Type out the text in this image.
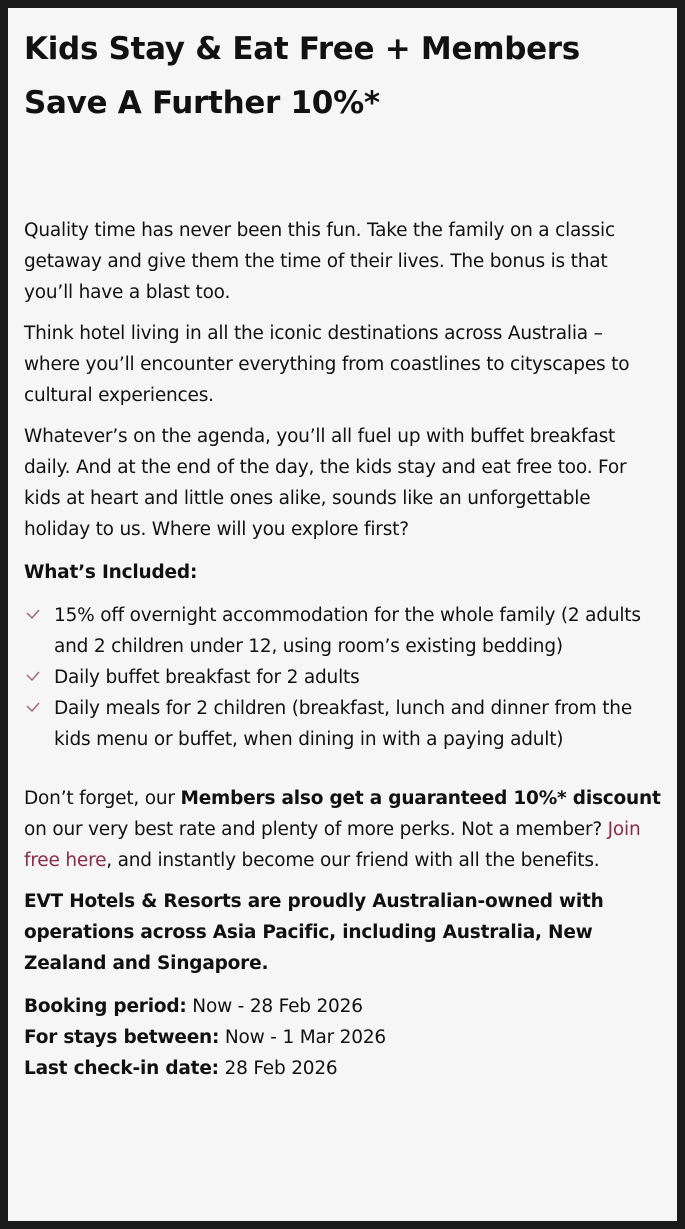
Kids Stay & Eat Free + Members Save A Further 10%*

Quality time has never been this fun. Take the family on a classic getaway and give them the time of their lives. The bonus is that you’ll have a blast too.

Think hotel living in all the iconic destinations across Australia – where you’ll encounter everything from coastlines to cityscapes to cultural experiences.

Whatever’s on the agenda, you’ll all fuel up with buffet breakfast daily. And at the end of the day, the kids stay and eat free too. For kids at heart and little ones alike, sounds like an unforgettable holiday to us. Where will you explore first?

What’s Included:

15% off overnight accommodation for the whole family (2 adults and 2 children under 12, using room’s existing bedding)
Daily buffet breakfast for 2 adults
Daily meals for 2 children (breakfast, lunch and dinner from the kids menu or buffet, when dining in with a paying adult)

Don’t forget, our Members also get a guaranteed 10%* discount on our very best rate and plenty of more perks. Not a member? Join free here, and instantly become our friend with all the benefits.

EVT Hotels & Resorts are proudly Australian-owned with operations across Asia Pacific, including Australia, New Zealand and Singapore.

Booking period: Now - 28 Feb 2026

For stays between: Now - 1 Mar 2026

Last check-in date: 28 Feb 2026
